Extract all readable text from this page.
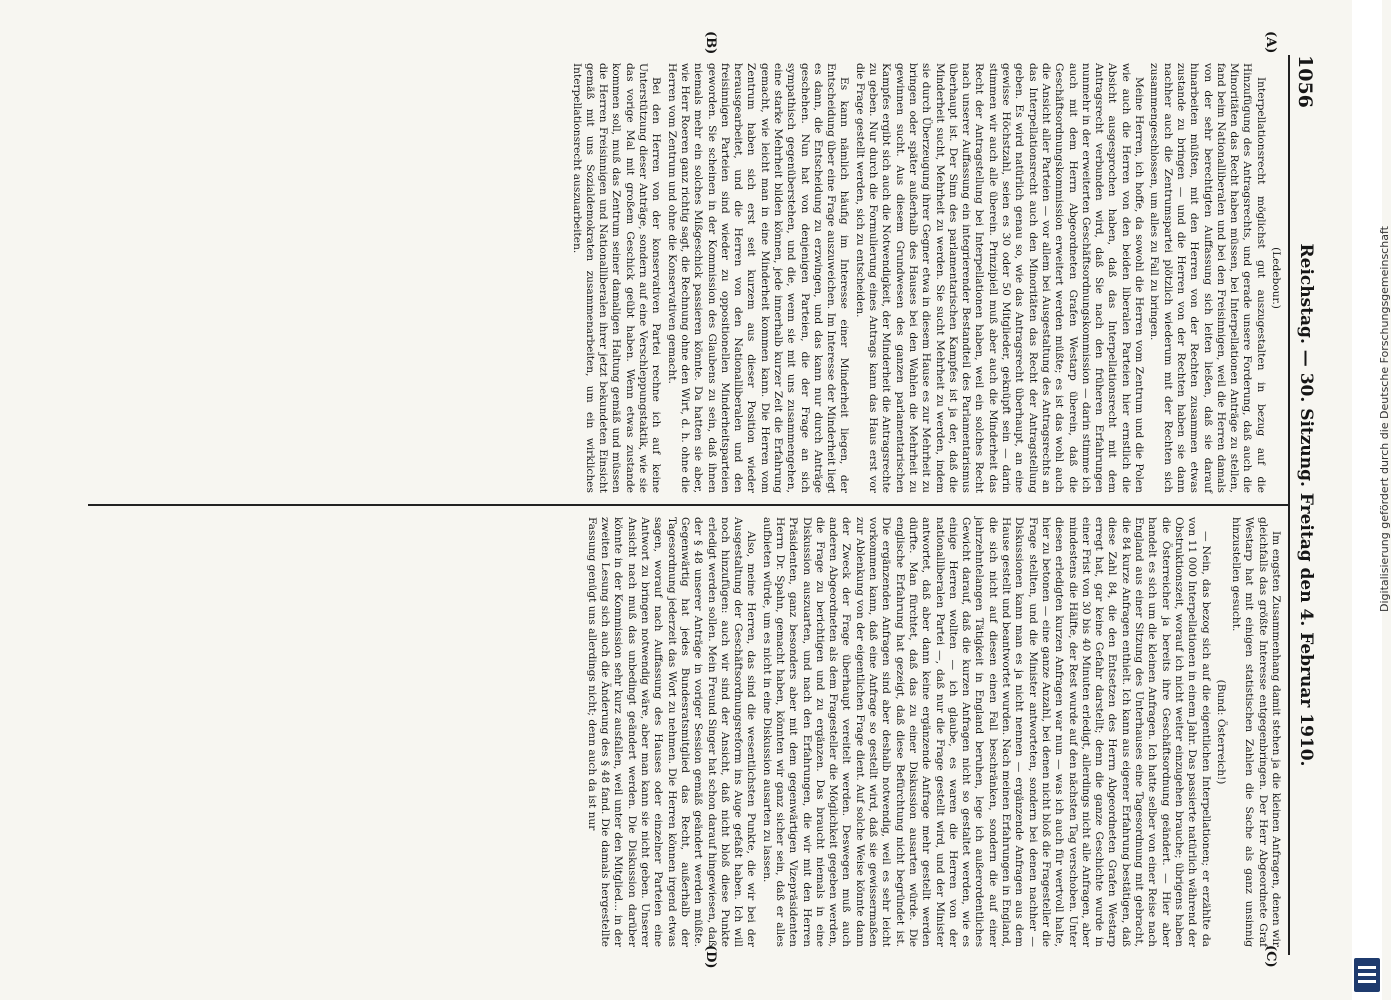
1056
Reichstag. — 30. Sitzung. Freitag den 4. Februar 1910.
(A)
(B)
(C)
(D)

(Ledebour.)

Interpellationsrecht möglichst gut auszugestalten in bezug auf die Hinzufügung des Antragsrechts, und gerade unsere Forderung, daß auch die Minoritäten das Recht haben müssen, bei Interpellationen Anträge zu stellen, fand beim Nationalliberalen und bei den Freisinnigen, weil die Herren damals von der sehr berechtigten Auffassung sich leiten ließen, daß sie darauf hinarbeiten müßten, mit den Herren von der Rechten zusammen etwas zustande zu bringen — und die Herren von der Rechten haben sie dann nachher auch die Zentrumspartei plötzlich wiederum mit der Rechten sich zusammengeschlossen, um alles zu Fall zu bringen.

Meine Herren, ich hoffe, da sowohl die Herren vom Zentrum und die Polen wie auch die Herren von den beiden liberalen Parteien hier ernstlich die Absicht ausgesprochen haben, daß das Interpellationsrecht mit dem Antragsrecht verbunden wird, daß Sie nach den früheren Erfahrungen nunmehr in der erweiterten Geschäftsordnungskommission — darin stimme ich auch mit dem Herrn Abgeordneten Grafen Westarp überein, daß die Geschäftsordnungskommission erweitert werden müßte; es ist das wohl auch die Ansicht aller Parteien — vor allem bei Ausgestaltung des Antragsrechts an das Interpellationsrecht auch den Minoritäten das Recht der Antragstellung geben. Es wird natürlich genau so, wie das Antragsrecht überhaupt, an eine gewisse Höchstzahl, seien es 30 oder 50 Mitglieder, geknüpft sein — darin stimmen wir auch alle überein. Prinzipiell muß aber auch die Minderheit das Recht der Antragstellung bei Interpellationen haben, weil ein solches Recht nach unserer Auffassung ein integrierender Bestandteil des Parlamentarismus überhaupt ist. Der Sinn des parlamentarischen Kampfes ist ja der, daß die Minderheit sucht, Mehrheit zu werden. Sie sucht Mehrheit zu werden, indem sie durch Überzeugung ihrer Gegner etwa in diesem Hause es zur Mehrheit zu bringen oder später außerhalb des Hauses bei den Wahlen die Mehrheit zu gewinnen sucht. Aus diesem Grundwesen des ganzen parlamentarischen Kampfes ergibt sich auch die Notwendigkeit, der Minderheit die Antragsrechte zu geben. Nur durch die Formulierung eines Antrags kann das Haus erst vor die Frage gestellt werden, sich zu entscheiden.

Es kann nämlich häufig im Interesse einer Minderheit liegen, der Entscheidung über eine Frage auszuweichen. Im Interesse der Minderheit liegt es dann, die Entscheidung zu erzwingen, und das kann nur durch Anträge geschehen. Nun hat von denjenigen Parteien, die der Frage an sich sympathisch gegenüberstehen, und die, wenn sie mit uns zusammengehen, eine starke Mehrheit bilden können, jede innerhalb kurzer Zeit die Erfahrung gemacht, wie leicht man in eine Minderheit kommen kann. Die Herren vom Zentrum haben sich erst seit kurzem aus dieser Position wieder herausgearbeitet, und die Herren von den Nationalliberalen und den freisinnigen Parteien sind wieder zu oppositionellen Minderheitsparteien geworden. Sie scheinen in der Kommission des Glaubens zu sein, daß ihnen niemals mehr ein solches Mißgeschick passieren könnte. Da hatten sie aber, wie Herr Roeren ganz richtig sagt, die Rechnung ohne den Wirt, d. h. ohne die Herren vom Zentrum und ohne die Konservativen gemacht.

Bei den Herren von der konservativen Partei rechne ich auf keine Unterstützung dieser Anträge, sondern auf eine Verschleppungstaktik, wie sie das vorige Mal mit großem Geschick geübt haben. Wenn etwas zustande kommen soll, muß das Zentrum seiner damaligen Haltung gemäß und müssen die Herren Freisinnigen und Nationalliberalen ihrer jetzt bekundeten Einsicht gemäß mit uns Sozialdemokraten zusammenarbeiten, um ein wirkliches Interpellationsrecht auszuarbeiten.

Im engsten Zusammenhang damit stehen ja die kleinen Anfragen, denen wir gleichfalls das größte Interesse entgegenbringen. Der Herr Abgeordnete Graf Westarp hat mit einigen statistischen Zahlen die Sache als ganz unsinnig hinzustellen gesucht.

(Bund: Österreich!)

— Nein, das bezog sich auf die eigentlichen Interpellationen; er erzählte da von 11 000 Interpellationen in einem Jahr. Das passierte natürlich während der Obstruktionszeit, worauf ich nicht weiter einzugehen brauche; übrigens haben die Österreicher ja bereits ihre Geschäftsordnung geändert. — Hier aber handelt es sich um die kleinen Anfragen. Ich hatte selber von einer Reise nach England aus einer Sitzung des Unterhauses eine Tagesordnung mit gebracht, die 84 kurze Anfragen enthielt. Ich kann aus eigener Erfahrung bestätigen, daß diese Zahl 84, die den Entsetzen des Herrn Abgeordneten Grafen Westarp erregt hat, gar keine Gefahr darstellt; denn die ganze Geschichte wurde in einer Frist von 30 bis 40 Minuten erledigt, allerdings nicht alle Anfragen, aber mindestens die Hälfte, der Rest wurde auf den nächsten Tag verschoben. Unter diesen erledigten kurzen Anfragen war nun — was ich auch für wertvoll halte, hier zu betonen — eine ganze Anzahl, bei denen nicht bloß die Fragesteller die Frage stellten, und die Minister antworteten, sondern bei denen nachher — Diskussionen kann man es ja nicht nennen — ergänzende Anfragen aus dem Hause gestellt und beantwortet wurden. Nach meinen Erfahrungen in England, die sich nicht auf diesen einen Fall beschränken, sondern die auf einer jahrzehntelangen Tätigkeit in England beruhen, lege ich außerordentliches Gewicht darauf, daß die kurzen Anfragen nicht so gestaltet werden, wie es einige Herren wollten — ich glaube, es waren die Herren von der nationalliberalen Partei —, daß nur die Frage gestellt wird, und der Minister antwortet, daß aber dann keine ergänzende Anfrage mehr gestellt werden dürfte. Man fürchtet, daß das zu einer Diskussion ausarten würde. Die englische Erfahrung hat gezeigt, daß diese Befürchtung nicht begründet ist. Die ergänzenden Anfragen sind aber deshalb notwendig, weil es sehr leicht vorkommen kann, daß eine Anfrage so gestellt wird, daß sie gewissermaßen zur Ablenkung von der eigentlichen Frage dient. Auf solche Weise könnte dann der Zweck der Frage überhaupt vereitelt werden. Deswegen muß auch anderen Abgeordneten als dem Fragesteller die Möglichkeit gegeben werden, die Frage zu berichtigen und zu ergänzen. Das braucht niemals in eine Diskussion auszuarten, und nach den Erfahrungen, die wir mit den Herren Präsidenten, ganz besonders aber mit dem gegenwärtigen Vizepräsidenten Herrn Dr. Spahn, gemacht haben, könnten wir ganz sicher sein, daß er alles aufbieten würde, um es nicht in eine Diskussion ausarten zu lassen.

Also, meine Herren, das sind die wesentlichsten Punkte, die wir bei der Ausgestaltung der Geschäftsordnungsreform ins Auge gefaßt haben. Ich will noch hinzufügen: auch wir sind der Ansicht, daß nicht bloß diese Punkte erledigt werden sollen. Mein Freund Singer hat schon darauf hingewiesen, daß der § 48 unserer Anträge in voriger Session gemäß geändert werden müßte. Gegenwärtig hat jedes Bundesratsmitglied das Recht, außerhalb der Tagesordnung jederzeit das Wort zu nehmen. Die Herren können irgend etwas sagen, worauf nach Auffassung des Hauses oder einzelner Parteien eine Antwort zu bringen notwendig wäre, aber man kann sie nicht geben. Unserer Ansicht nach muß das unbedingt geändert werden. Die Diskussion darüber könnte in der Kommission sehr kurz ausfallen, weil unter den Mitglied... in der zweiten Lesung sich auch die Änderung des § 48 fand. Die damals hergestellte Fassung genügt uns allerdings nicht; denn auch da ist nur

Digitalisierung gefördert durch die Deutsche Forschungsgemeinschaft
